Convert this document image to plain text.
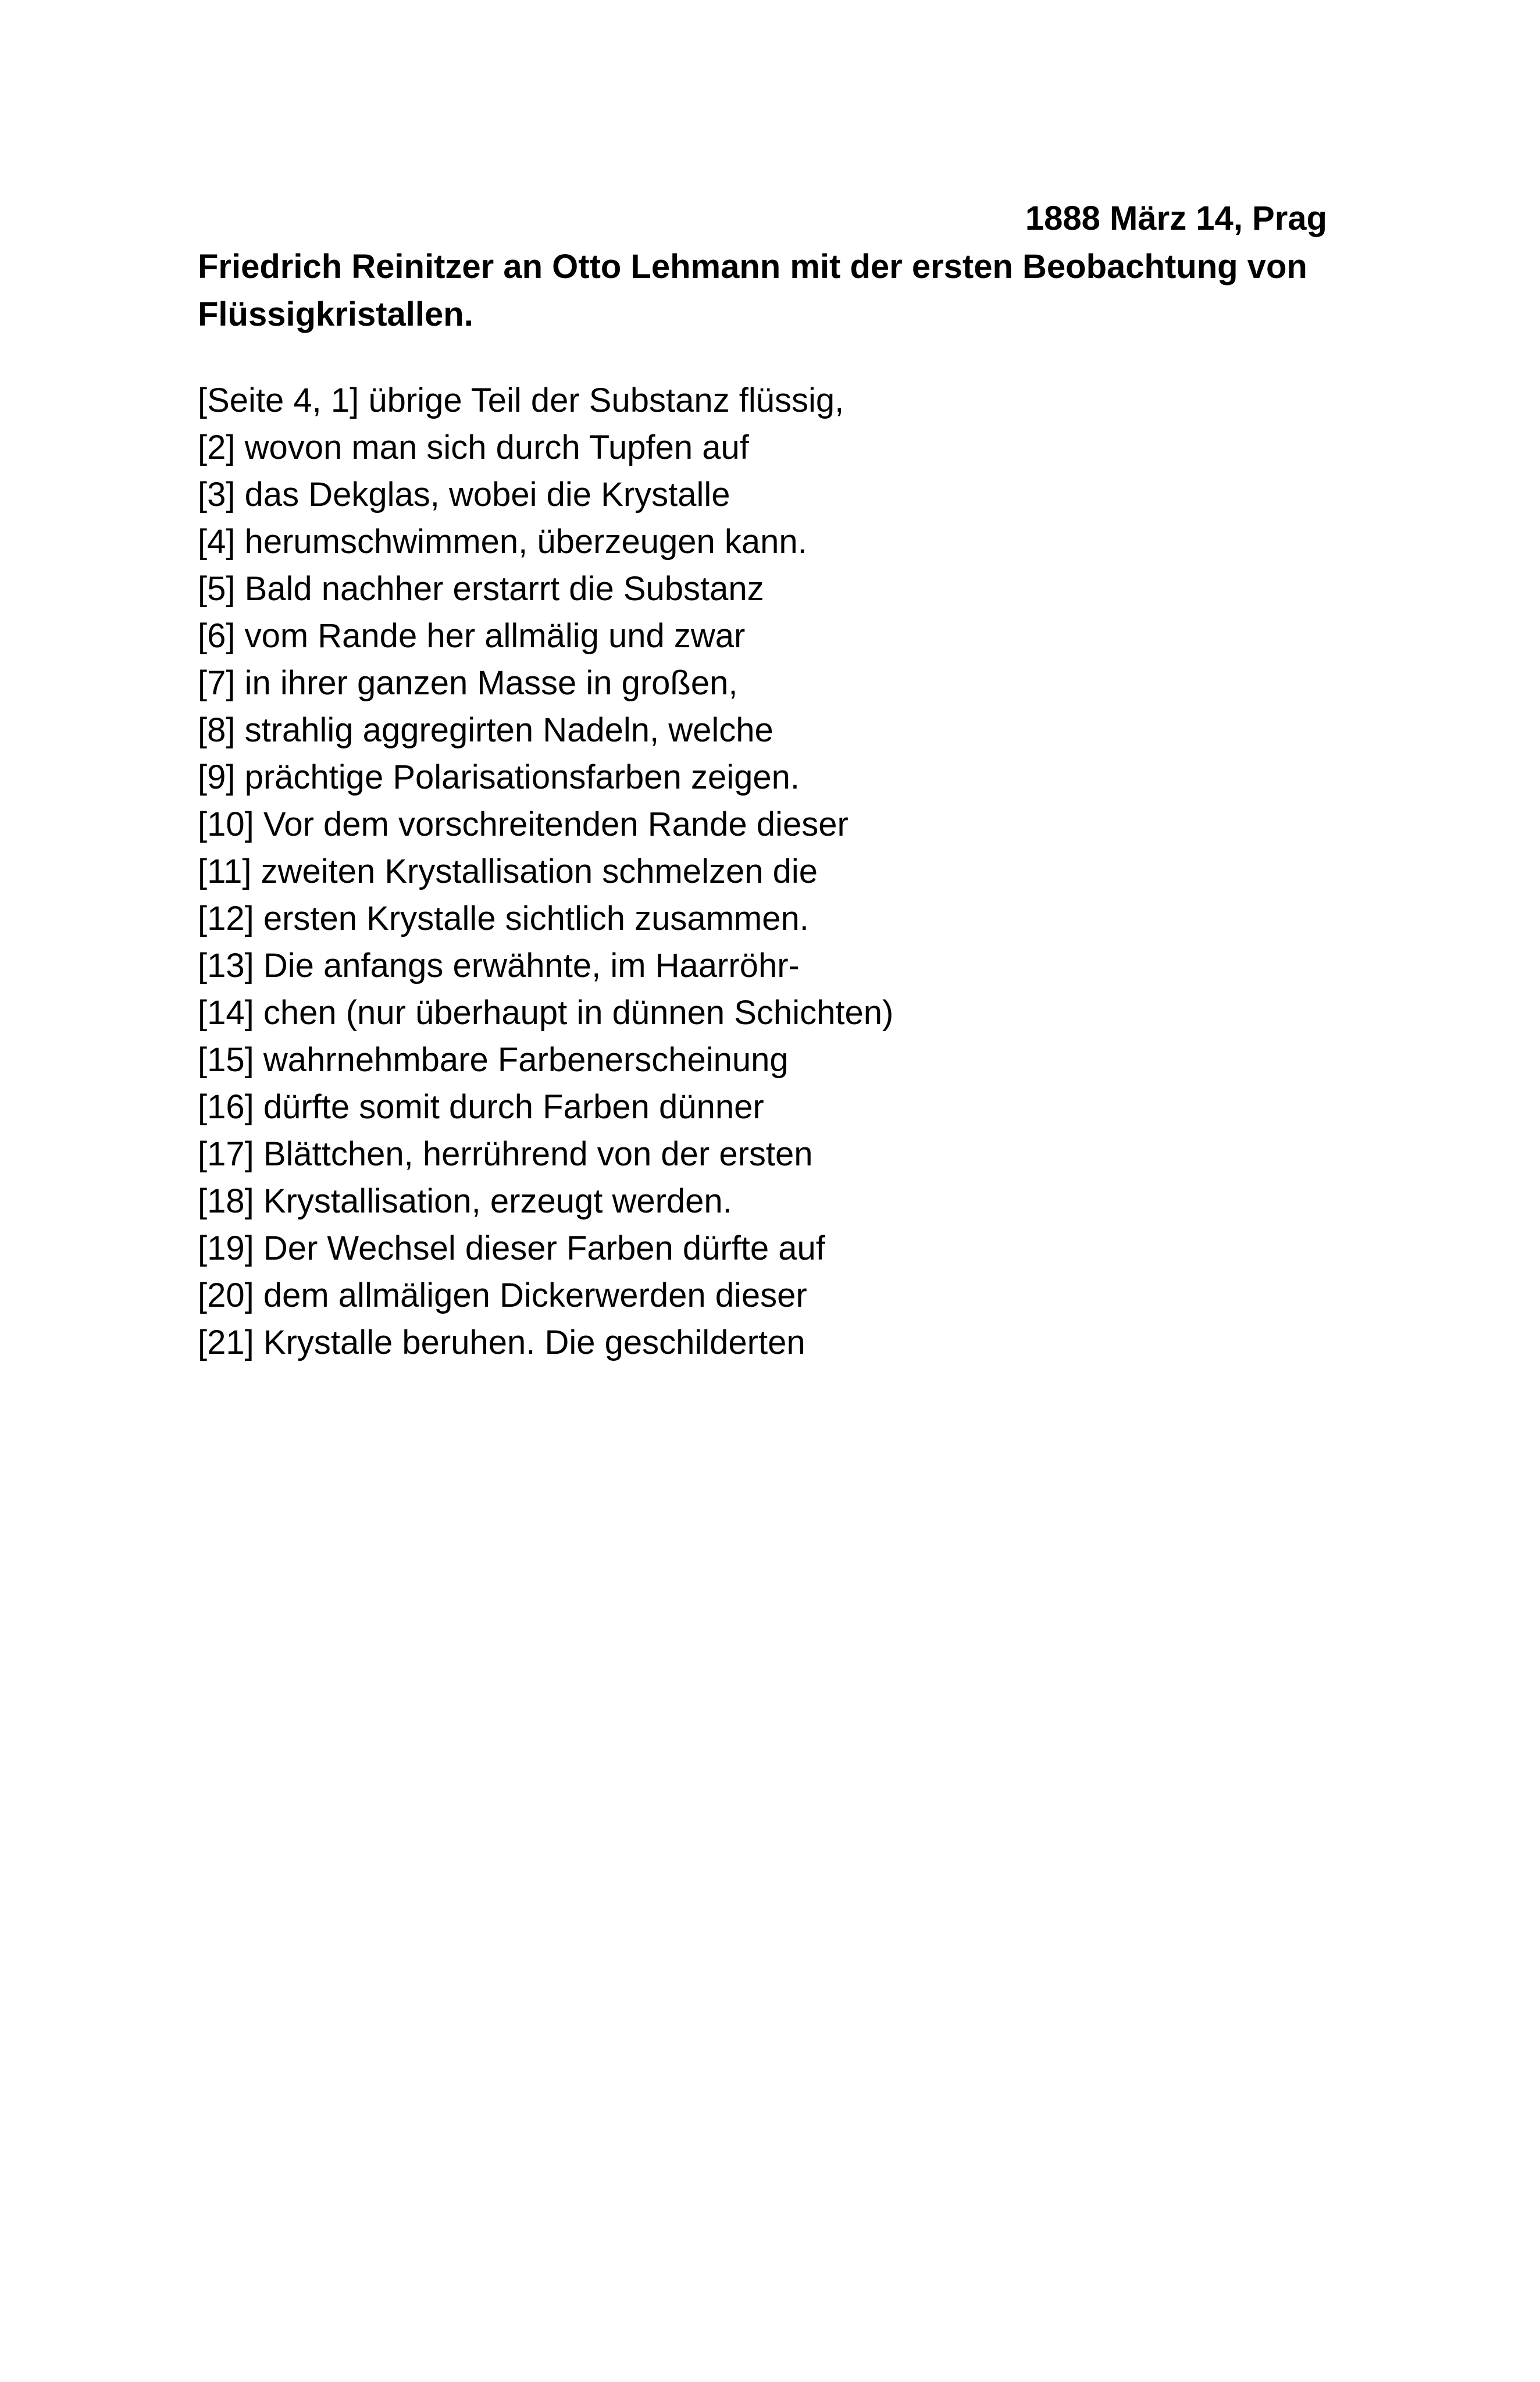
1888 März 14, Prag
Friedrich Reinitzer an Otto Lehmann mit der ersten Beobachtung von Flüssigkristallen.
[Seite 4, 1] übrige Teil der Substanz flüssig,
[2] wovon man sich durch Tupfen auf
[3] das Dekglas, wobei die Krystalle
[4] herumschwimmen, überzeugen kann.
[5] Bald nachher erstarrt die Substanz
[6] vom Rande her allmälig und zwar
[7] in ihrer ganzen Masse in großen,
[8] strahlig aggregirten Nadeln, welche
[9] prächtige Polarisationsfarben zeigen.
[10] Vor dem vorschreitenden Rande dieser
[11] zweiten Krystallisation schmelzen die
[12] ersten Krystalle sichtlich zusammen.
[13] Die anfangs erwähnte, im Haarröhr-
[14] chen (nur überhaupt in dünnen Schichten)
[15] wahrnehmbare Farbenerscheinung
[16] dürfte somit durch Farben dünner
[17] Blättchen, herrührend von der ersten
[18] Krystallisation, erzeugt werden.
[19] Der Wechsel dieser Farben dürfte auf
[20] dem allmäligen Dickerwerden dieser
[21] Krystalle beruhen. Die geschilderten
